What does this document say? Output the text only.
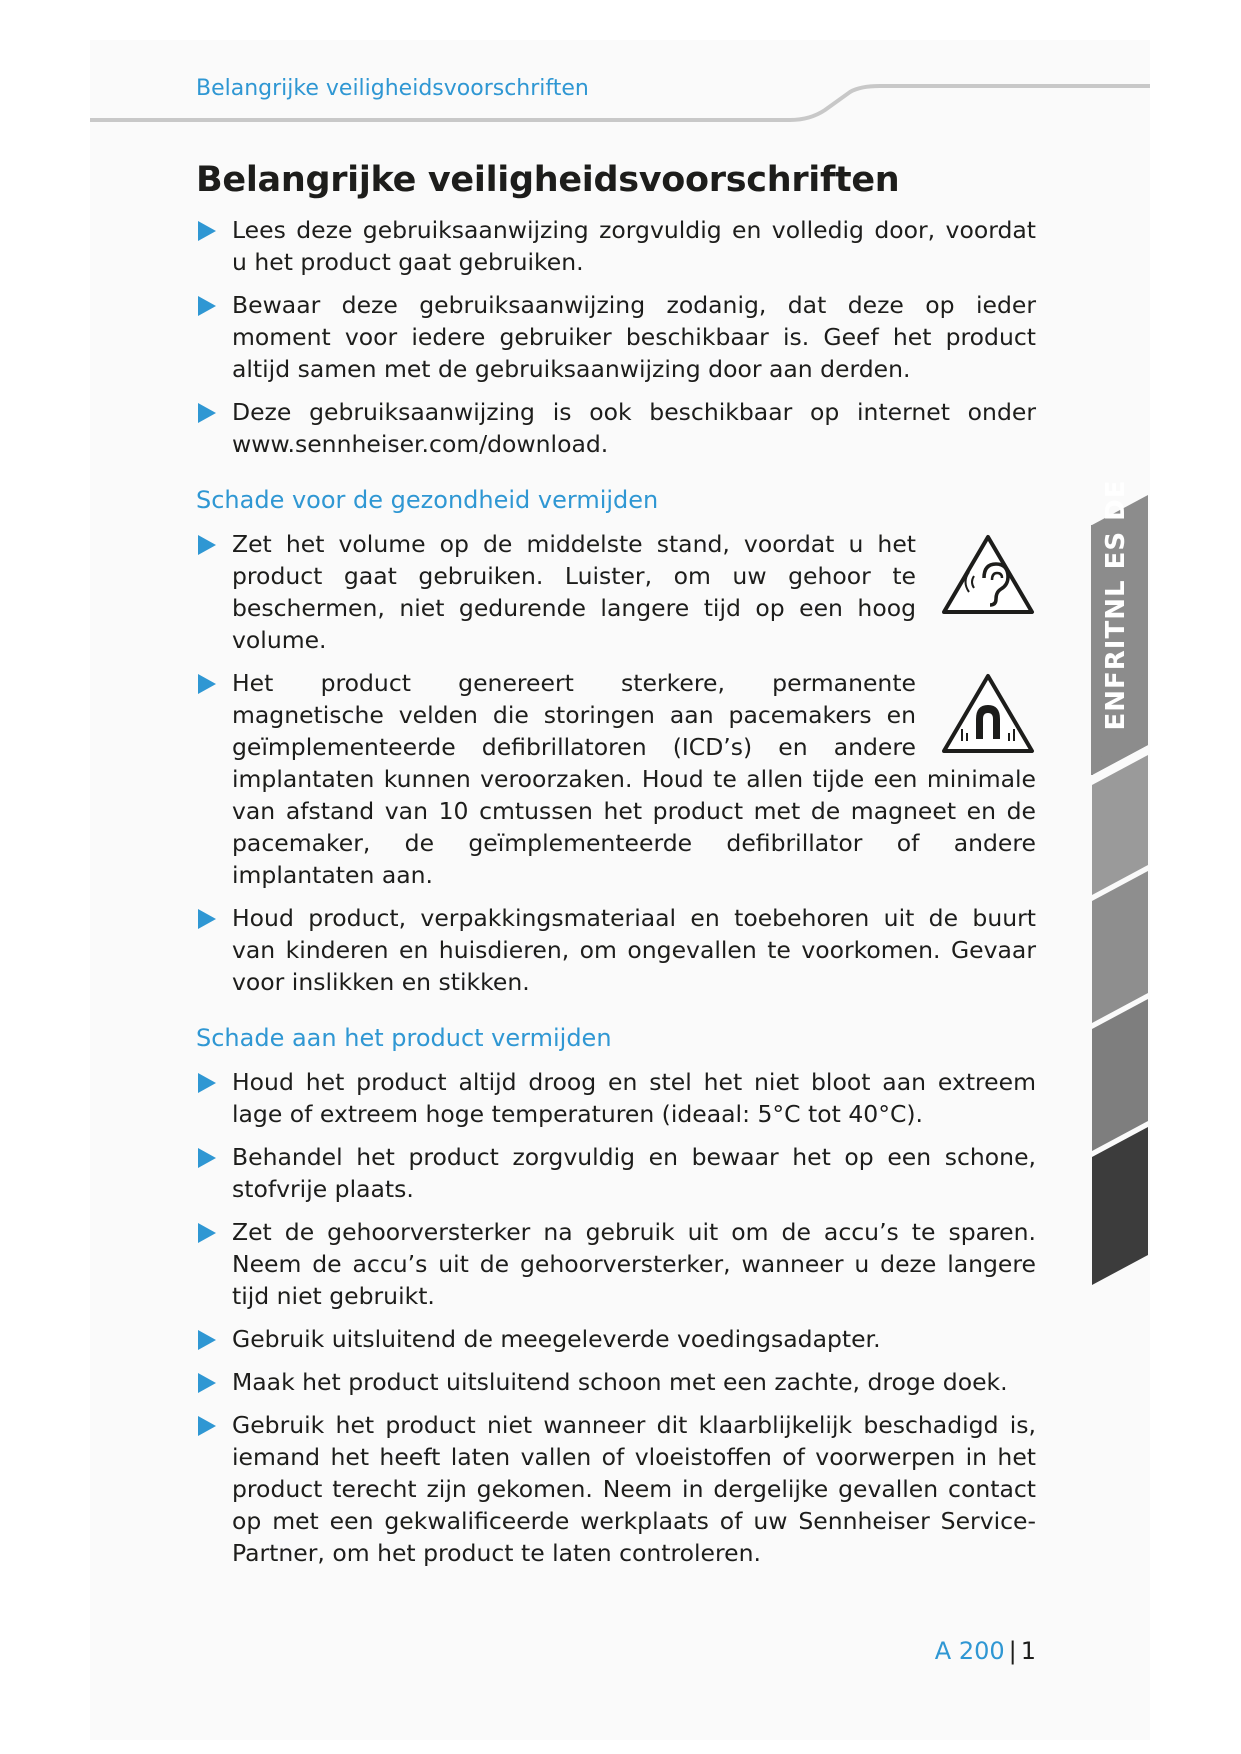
Belangrijke veiligheidsvoorschriften
Belangrijke veiligheidsvoorschriften
Lees deze gebruiksaanwijzing zorgvuldig en volledig door, voordat u het product gaat gebruiken.
Bewaar deze gebruiksaanwijzing zodanig, dat deze op ieder moment voor iedere gebruiker beschikbaar is. Geef het product altijd samen met de gebruiksaanwijzing door aan derden.
Deze gebruiksaanwijzing is ook beschikbaar op internet onder www.sennheiser.com/download.
Schade voor de gezondheid vermijden
Zet het volume op de middelste stand, voordat u het product gaat gebruiken. Luister, om uw gehoor te beschermen, niet gedurende langere tijd op een hoog volume.
Het product genereert sterkere, permanente magnetische velden die storingen aan pacemakers en geïmplementeerde defibrillatoren (ICD’s) en andere implantaten kunnen veroorzaken. Houd te allen tijde een minimale van afstand van 10 cmtussen het product met de magneet en de pacemaker, de geïmplementeerde defibrillator of andere implantaten aan.
Houd product, verpakkingsmateriaal en toebehoren uit de buurt van kinderen en huisdieren, om ongevallen te voorkomen. Gevaar voor inslikken en stikken.
Schade aan het product vermijden
Houd het product altijd droog en stel het niet bloot aan extreem lage of extreem hoge temperaturen (ideaal: 5°C tot 40°C).
Behandel het product zorgvuldig en bewaar het op een schone, stofvrije plaats.
Zet de gehoorversterker na gebruik uit om de accu’s te sparen. Neem de accu’s uit de gehoorversterker, wanneer u deze langere tijd niet gebruikt.
Gebruik uitsluitend de meegeleverde voedingsadapter.
Maak het product uitsluitend schoon met een zachte, droge doek.
Gebruik het product niet wanneer dit klaarblijkelijk beschadigd is, iemand het heeft laten vallen of vloeistoffen of voorwerpen in het product terecht zijn gekomen. Neem in dergelijke gevallen contact op met een gekwalificeerde werkplaats of uw Sennheiser Service-Partner, om het product te laten controleren.
ENFRITNL ES DE
A 200 | 1
